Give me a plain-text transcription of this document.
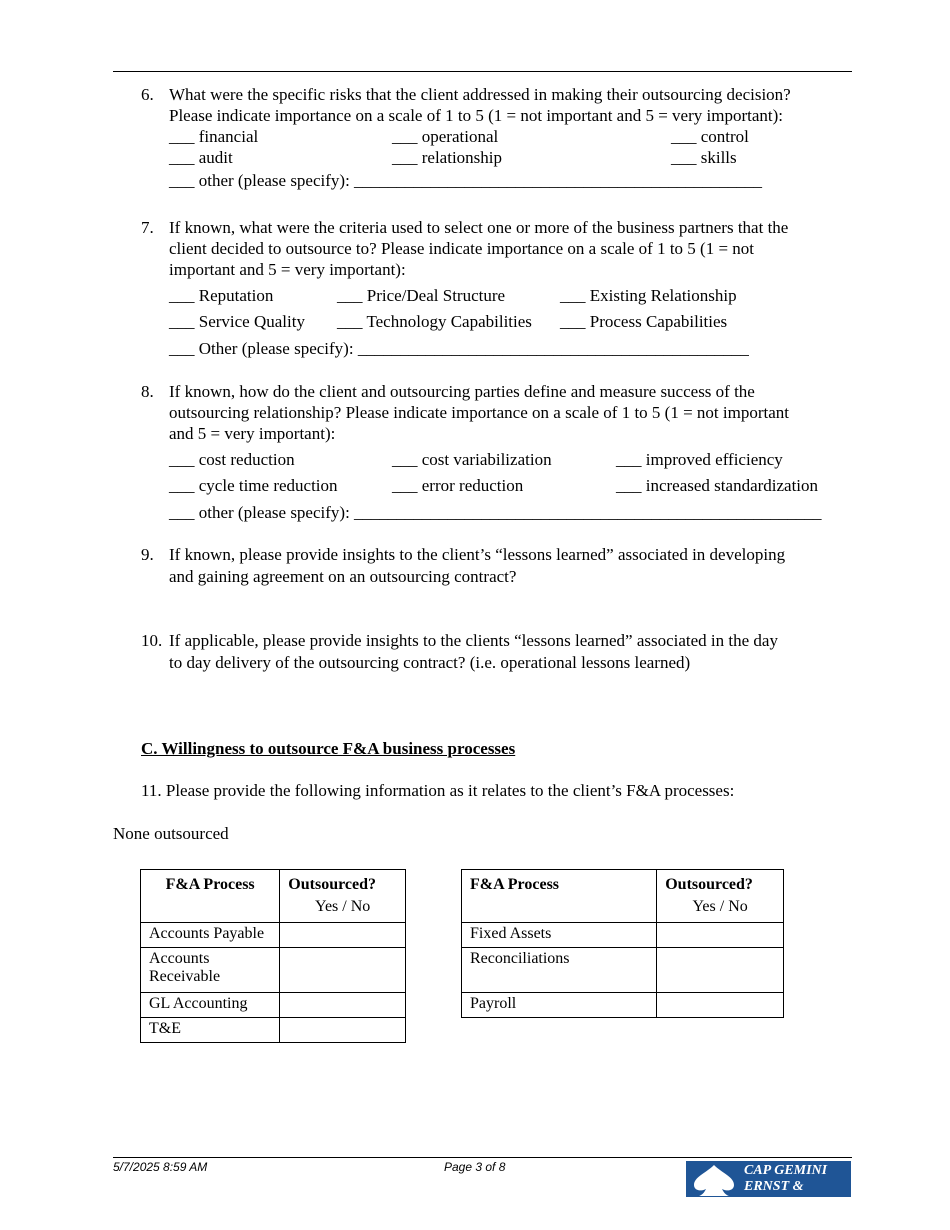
6. What were the specific risks that the client addressed in making their outsourcing decision?
Please indicate importance on a scale of 1 to 5 (1 = not important and 5 = very important):
___ financial	___ operational	___ control
___ audit	___ relationship	___ skills
___ other (please specify): ________________________________________________
7. If known, what were the criteria used to select one or more of the business partners that the
client decided to outsource to? Please indicate importance on a scale of 1 to 5 (1 = not
important and 5 = very important):
___ Reputation	___ Price/Deal Structure	___ Existing Relationship
___ Service Quality ___ Technology Capabilities ___ Process Capabilities
___ Other (please specify): ______________________________________________
8. If known, how do the client and outsourcing parties define and measure success of the
outsourcing relationship? Please indicate importance on a scale of 1 to 5 (1 = not important
and 5 = very important):
___ cost reduction	___ cost variabilization	___ improved efficiency
___ cycle time reduction	___ error reduction	___ increased standardization
___ other (please specify): _______________________________________________________
9. If known, please provide insights to the client’s “lessons learned” associated in developing
and gaining agreement on an outsourcing contract?
10. If applicable, please provide insights to the clients “lessons learned” associated in the day
to day delivery of the outsourcing contract? (i.e. operational lessons learned)
C. Willingness to outsource F&A business processes
11. Please provide the following information as it relates to the client’s F&A processes:
None outsourced
F&A Process	Outsourced?
Yes / No

Accounts Payable	
Accounts Receivable	
GL Accounting	
T&E	
F&A Process	Outsourced?
Yes / No

Fixed Assets	
Reconciliations	
Payroll	
5/7/2025 8:59 AM	Page 3 of 8	CAP GEMINI
ERNST & YOUNG
